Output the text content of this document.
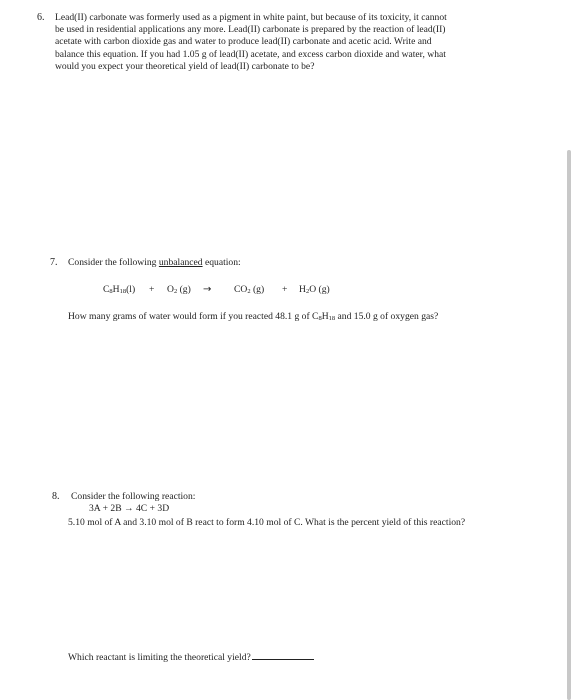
6. Lead(II) carbonate was formerly used as a pigment in white paint, but because of its toxicity, it cannot
be used in residential applications any more. Lead(II) carbonate is prepared by the reaction of lead(II)
acetate with carbon dioxide gas and water to produce lead(II) carbonate and acetic acid. Write and
balance this equation. If you had 1.05 g of lead(II) acetate, and excess carbon dioxide and water, what
would you expect your theoretical yield of lead(II) carbonate to be?
7. Consider the following unbalanced equation:
$C_8H_{18}(l) + O_2$ $(g) \to CO_2$ $(g) + H_2O$ (g)
How many grams of water would form if you reacted 48.1 g of $C_8H_{18}$ and 15.0 g of oxygen gas?
8. Consider the following reaction:
3A + 2B → 4C + 3D
5.10 mol of A and 3.10 mol of B react to form 4.10 mol of C. What is the percent yield of this reaction?
Which reactant is limiting the theoretical yield?
